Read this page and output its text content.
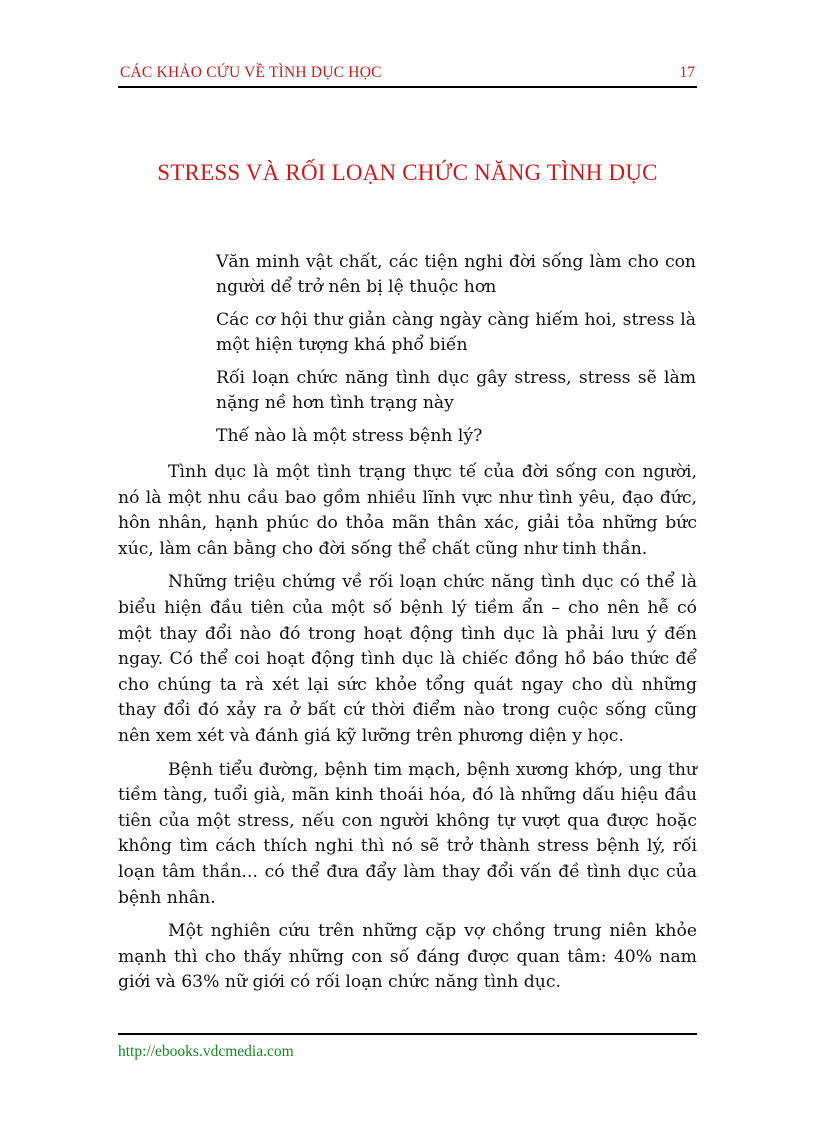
CÁC KHẢO CỨU VỀ TÌNH DỤC HỌC	17
STRESS VÀ RỐI LOẠN CHỨC NĂNG TÌNH DỤC

Văn minh vật chất, các tiện nghi đời sống làm cho con người dể trở nên bị lệ thuộc hơn

Các cơ hội thư giản càng ngày càng hiếm hoi, stress là một hiện tượng khá phổ biến

Rối loạn chức năng tình dục gây stress, stress sẽ làm nặng nề hơn tình trạng này

Thế nào là một stress bệnh lý?

Tình dục là một tình trạng thực tế của đời sống con người, nó là một nhu cầu bao gồm nhiều lĩnh vực như tình yêu, đạo đức, hôn nhân, hạnh phúc do thỏa mãn thân xác, giải tỏa những bức xúc, làm cân bằng cho đời sống thể chất cũng như tinh thần.

Những triệu chứng về rối loạn chức năng tình dục có thể là biểu hiện đầu tiên của một số bệnh lý tiềm ẩn – cho nên hễ có một thay đổi nào đó trong hoạt động tình dục là phải lưu ý đến ngay. Có thể coi hoạt động tình dục là chiếc đồng hồ báo thức để cho chúng ta rà xét lại sức khỏe tổng quát ngay cho dù những thay đổi đó xảy ra ở bất cứ thời điểm nào trong cuộc sống cũng nên xem xét và đánh giá kỹ lưỡng trên phương diện y học.

Bệnh tiểu đường, bệnh tim mạch, bệnh xương khớp, ung thư tiềm tàng, tuổi già, mãn kinh thoái hóa, đó là những dấu hiệu đầu tiên của một stress, nếu con người không tự vượt qua được hoặc không tìm cách thích nghi thì nó sẽ trở thành stress bệnh lý, rối loạn tâm thần... có thể đưa đẩy làm thay đổi vấn đề tình dục của bệnh nhân.

Một nghiên cứu trên những cặp vợ chồng trung niên khỏe mạnh thì cho thấy những con số đáng được quan tâm: 40% nam giới và 63% nữ giới có rối loạn chức năng tình dục.

http://ebooks.vdcmedia.com
